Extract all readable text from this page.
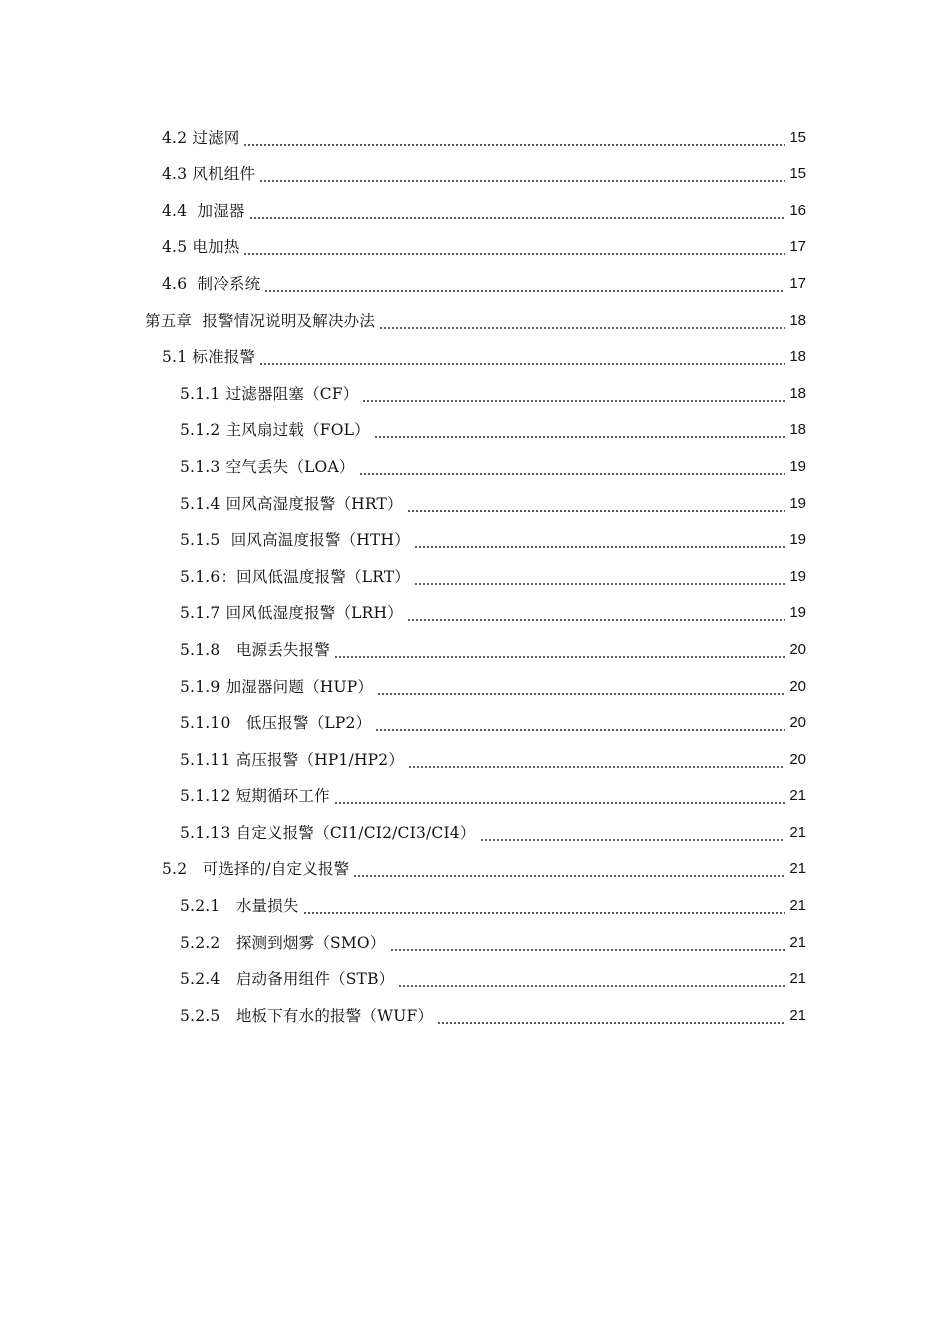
4.2 过滤网	15
4.3 风机组件	15
4.4  加湿器	16
4.5 电加热	17
4.6  制冷系统	17
第五章  报警情况说明及解决办法	18
5.1 标准报警	18
5.1.1 过滤器阻塞（CF）	18
5.1.2 主风扇过载（FOL）	18
5.1.3 空气丢失（LOA）	19
5.1.4 回风高湿度报警（HRT）	19
5.1.5  回风高温度报警（HTH）	19
5.1.6：回风低温度报警（LRT）	19
5.1.7 回风低湿度报警（LRH）	19
5.1.8   电源丢失报警	20
5.1.9 加湿器问题（HUP）	20
5.1.10   低压报警（LP2）	20
5.1.11 高压报警（HP1/HP2）	20
5.1.12 短期循环工作	21
5.1.13 自定义报警（CI1/CI2/CI3/CI4）	21
5.2   可选择的/自定义报警	21
5.2.1   水量损失	21
5.2.2   探测到烟雾（SMO）	21
5.2.4   启动备用组件（STB）	21
5.2.5   地板下有水的报警（WUF）	21
